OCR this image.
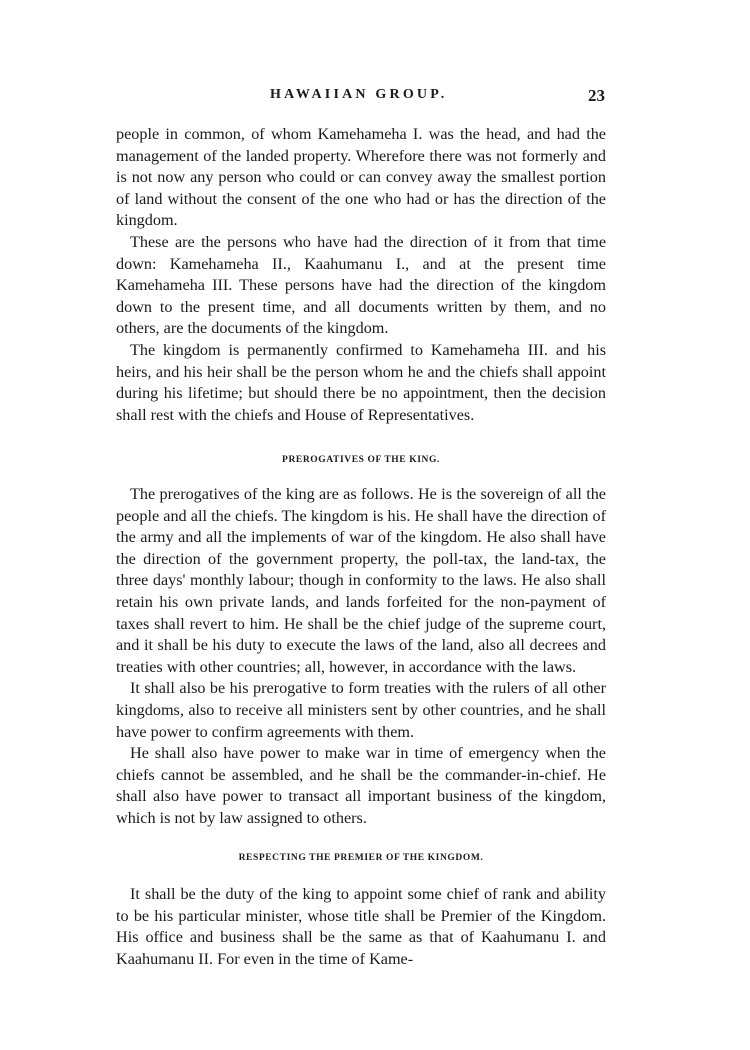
HAWAIIAN GROUP.	23

people in common, of whom Kamehameha I. was the head, and had the management of the landed property. Wherefore there was not formerly and is not now any person who could or can convey away the smallest portion of land without the consent of the one who had or has the direction of the kingdom.

These are the persons who have had the direction of it from that time down: Kamehameha II., Kaahumanu I., and at the present time Kamehameha III. These persons have had the direction of the kingdom down to the present time, and all documents written by them, and no others, are the documents of the kingdom.

The kingdom is permanently confirmed to Kamehameha III. and his heirs, and his heir shall be the person whom he and the chiefs shall appoint during his lifetime; but should there be no appointment, then the decision shall rest with the chiefs and House of Representatives.

PREROGATIVES OF THE KING.

The prerogatives of the king are as follows. He is the sovereign of all the people and all the chiefs. The kingdom is his. He shall have the direction of the army and all the implements of war of the kingdom. He also shall have the direction of the government property, the poll-tax, the land-tax, the three days' monthly labour; though in conformity to the laws. He also shall retain his own private lands, and lands forfeited for the non-payment of taxes shall revert to him. He shall be the chief judge of the supreme court, and it shall be his duty to execute the laws of the land, also all decrees and treaties with other countries; all, however, in accordance with the laws.

It shall also be his prerogative to form treaties with the rulers of all other kingdoms, also to receive all ministers sent by other countries, and he shall have power to confirm agreements with them.

He shall also have power to make war in time of emergency when the chiefs cannot be assembled, and he shall be the commander-in-chief. He shall also have power to transact all important business of the kingdom, which is not by law assigned to others.

RESPECTING THE PREMIER OF THE KINGDOM.

It shall be the duty of the king to appoint some chief of rank and ability to be his particular minister, whose title shall be Premier of the Kingdom. His office and business shall be the same as that of Kaahumanu I. and Kaahumanu II. For even in the time of Kame-
